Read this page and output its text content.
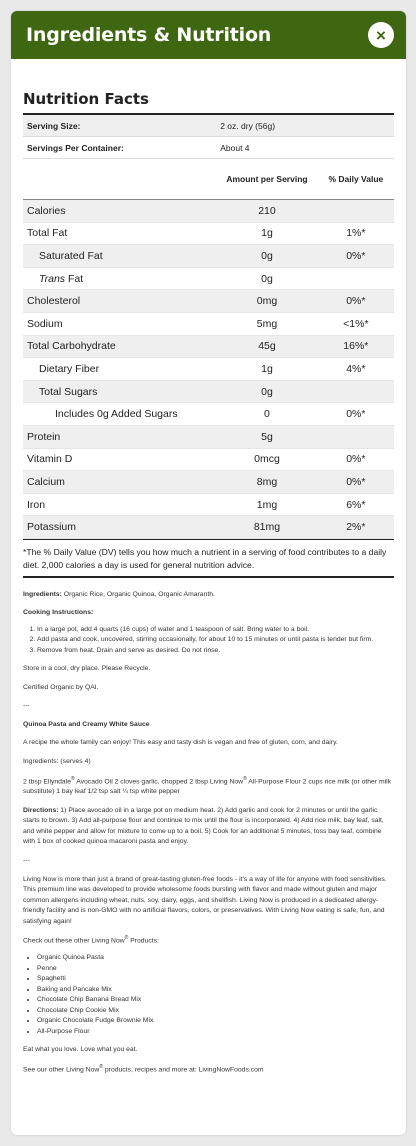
Ingredients & Nutrition	×
Nutrition Facts
Serving Size:	2 oz. dry (56g)	
Servings Per Container:	About 4	
	Amount per Serving	% Daily Value
Calories	210	
Total Fat	1g	1%*
Saturated Fat	0g	0%*
Trans Fat	0g	
Cholesterol	0mg	0%*
Sodium	5mg	<1%*
Total Carbohydrate	45g	16%*
Dietary Fiber	1g	4%*
Total Sugars	0g	
Includes 0g Added Sugars	0	0%*
Protein	5g	
Vitamin D	0mcg	0%*
Calcium	8mg	0%*
Iron	1mg	6%*
Potassium	81mg	2%*
*The % Daily Value (DV) tells you how much a nutrient in a serving of food contributes to a daily diet. 2,000 calories a day is used for general nutrition advice.

Ingredients: Organic Rice, Organic Quinoa, Organic Amaranth.

Cooking Instructions:

1. In a large pot, add 4 quarts (16 cups) of water and 1 teaspoon of salt. Bring water to a boil.
2. Add pasta and cook, uncovered, stirring occasionally, for about 10 to 15 minutes or until pasta is tender but firm.
3. Remove from heat. Drain and serve as desired. Do not rinse.

Store in a cool, dry place. Please Recycle.

Certified Organic by QAI.

---

Quinoa Pasta and Creamy White Sauce

A recipe the whole family can enjoy! This easy and tasty dish is vegan and free of gluten, corn, and dairy.

Ingredients: (serves 4)

2 tbsp Ellyndale® Avocado Oil 2 cloves garlic, chopped 2 tbsp Living Now® All-Purpose Flour 2 cups rice milk (or other milk substitute) 1 bay leaf 1/2 tsp salt ¼ tsp white pepper

Directions: 1) Place avocado oil in a large pot on medium heat. 2) Add garlic and cook for 2 minutes or until the garlic starts to brown. 3) Add all-purpose flour and continue to mix until the flour is incorporated. 4) Add rice milk, bay leaf, salt, and white pepper and allow for mixture to come up to a boil. 5) Cook for an additional 5 minutes, toss bay leaf, combine with 1 box of cooked quinoa macaroni pasta and enjoy.

---

Living Now is more than just a brand of great-tasting gluten-free foods - it's a way of life for anyone with food sensitivities. This premium line was developed to provide wholesome foods bursting with flavor and made without gluten and major common allergens including wheat, nuts, soy, dairy, eggs, and shellfish. Living Now is produced in a dedicated allergy-friendly facility and is non-GMO with no artificial flavors, colors, or preservatives. With Living Now eating is safe, fun, and satisfying again!

Check out these other Living Now® Products:

• Organic Quinoa Pasta
• Penne
• Spaghetti
• Baking and Pancake Mix
• Chocolate Chip Banana Bread Mix
• Chocolate Chip Cookie Mix
• Organic Chocolate Fudge Brownie Mix
• All-Purpose Flour

Eat what you love. Love what you eat.

See our other Living Now® products, recipes and more at: LivingNowFoods.com
